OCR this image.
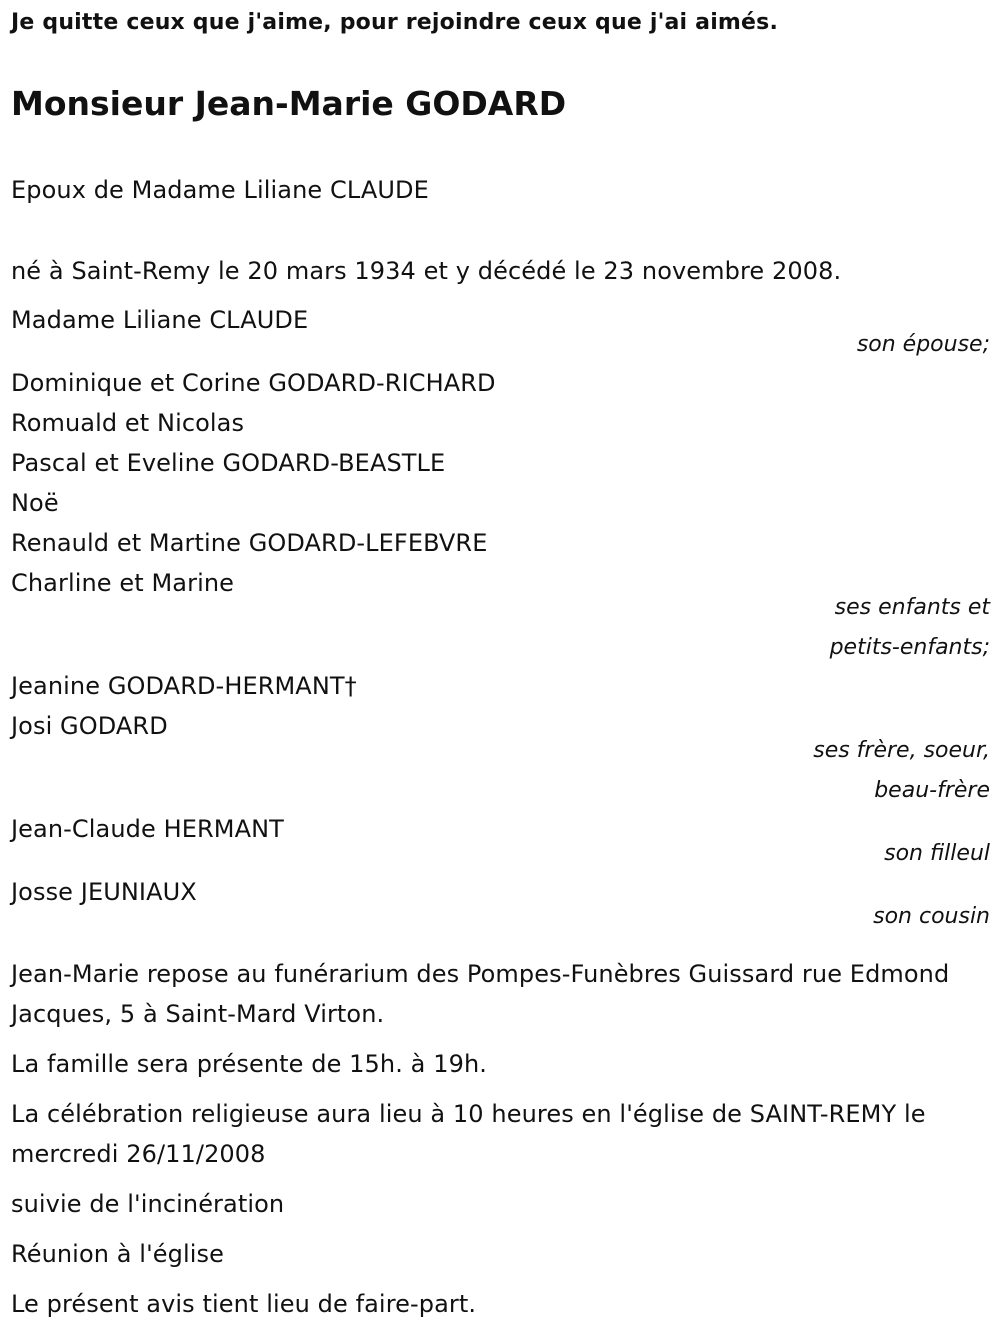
Je quitte ceux que j'aime, pour rejoindre ceux que j'ai aimés.
Monsieur Jean-Marie GODARD
Epoux de Madame Liliane CLAUDE
né à Saint-Remy le 20 mars 1934 et y décédé le 23 novembre 2008.
Madame Liliane CLAUDE
son épouse;
Dominique et Corine GODARD-RICHARD
Romuald et Nicolas
Pascal et Eveline GODARD-BEASTLE
Noë
Renauld et Martine GODARD-LEFEBVRE
Charline et Marine
ses enfants et
petits-enfants;
Jeanine GODARD-HERMANT†
Josi GODARD
ses frère, soeur,
beau-frère
Jean-Claude HERMANT
son filleul
Josse JEUNIAUX
son cousin
Jean-Marie repose au funérarium des Pompes-Funèbres Guissard rue Edmond Jacques, 5 à Saint-Mard Virton.
La famille sera présente de 15h. à 19h.
La célébration religieuse aura lieu à 10 heures en l'église de SAINT-REMY le mercredi 26/11/2008
suivie de l'incinération
Réunion à l'église
Le présent avis tient lieu de faire-part.
